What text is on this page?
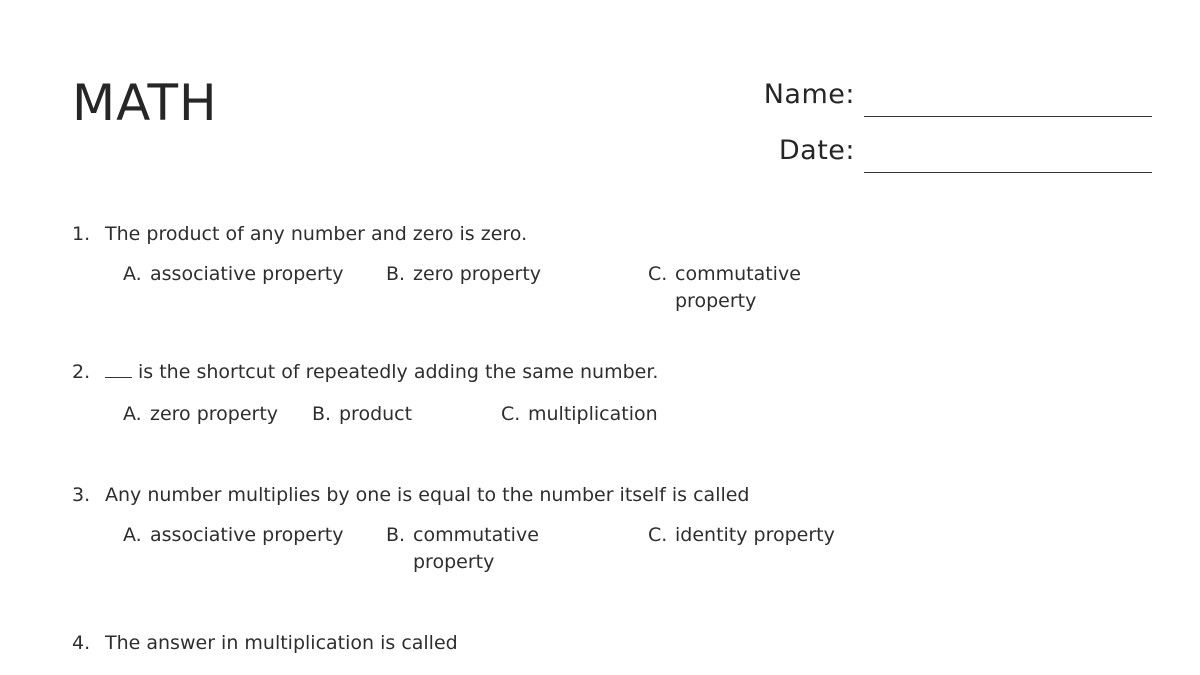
MATH	Name:
Date:
1. The product of any number and zero is zero.
A. associative property B. zero property	C. commutative property
2.	is the shortcut of repeatedly adding the same number.
A. zero property B. product	C. multiplication
3. Any number multiplies by one is equal to the number itself is called
A. associative property B. commutative property
C. identity property
4. The answer in multiplication is called
